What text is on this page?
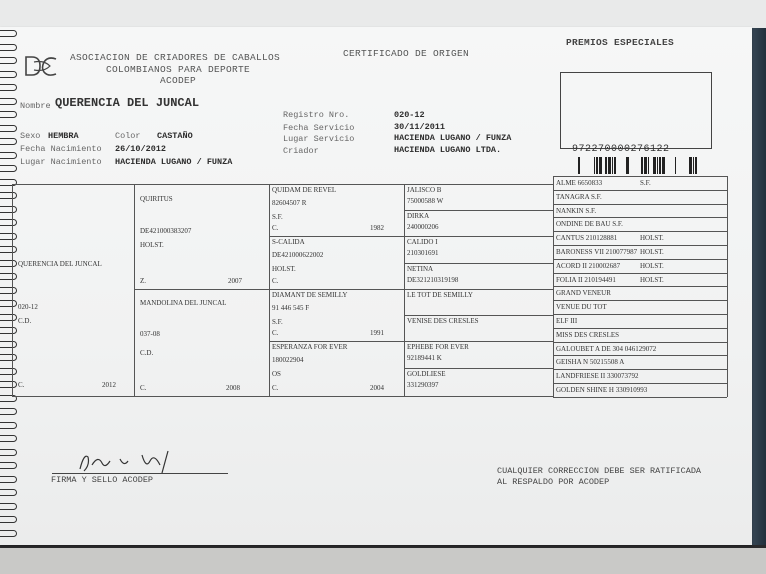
ASOCIACION DE CRIADORES DE CABALLOS
COLOMBIANOS PARA DEPORTE
ACODEP
CERTIFICADO DE ORIGEN
PREMIOS ESPECIALES
972270000276122
Nombre QUERENCIA DEL JUNCAL
Sexo HEMBRA	Color CASTAÑO
Fecha Nacimiento 26/10/2012
Lugar Nacimiento HACIENDA LUGANO / FUNZA
Registro Nro.	020-12
Fecha Servicio	30/11/2011
Lugar Servicio	HACIENDA LUGANO / FUNZA
Criador	HACIENDA LUGANO LTDA.
QUERENCIA DEL JUNCAL
020-12
C.D.
C.	2012
QUIRITUS
DE421000383207
HOLST.
Z.	2007
MANDOLINA DEL JUNCAL
037-08
C.D.
C.	2008
QUIDAM DE REVEL
82604507 R
S.F.
C.	1982
S-CALIDA
DE421000622002
HOLST.
C.
DIAMANT DE SEMILLY
91 446 545 F
S.F.
C.	1991
ESPERANZA FOR EVER
180022904
OS
C.	2004
JALISCO B
75000588 W
DIRKA
240000206
CALIDO I
210301691
NETINA
DE321210319198
LE TOT DE SEMILLY
VENISE DES CRESLES
EPHEBE FOR EVER
92189441 K
GOLDLIESE
331290397
ALME 6650833	S.F.
TANAGRA S.F.
NANKIN S.F.
ONDINE DE BAU S.F.
CANTUS 210128881	HOLST.
BARONESS VII 210077987 HOLST.
ACORD II 210002687	HOLST.
FOLIA II 210194491	HOLST.
GRAND VENEUR
VENUE DU TOT
ELF III
MISS DES CRESLES
GALOUBET A DE 304 046129072
GEISHA N 50215508 A
LANDFRIESE II 330073792
GOLDEN SHINE H 330910993
FIRMA Y SELLO ACODEP
CUALQUIER CORRECCION DEBE SER RATIFICADA
AL RESPALDO POR ACODEP
